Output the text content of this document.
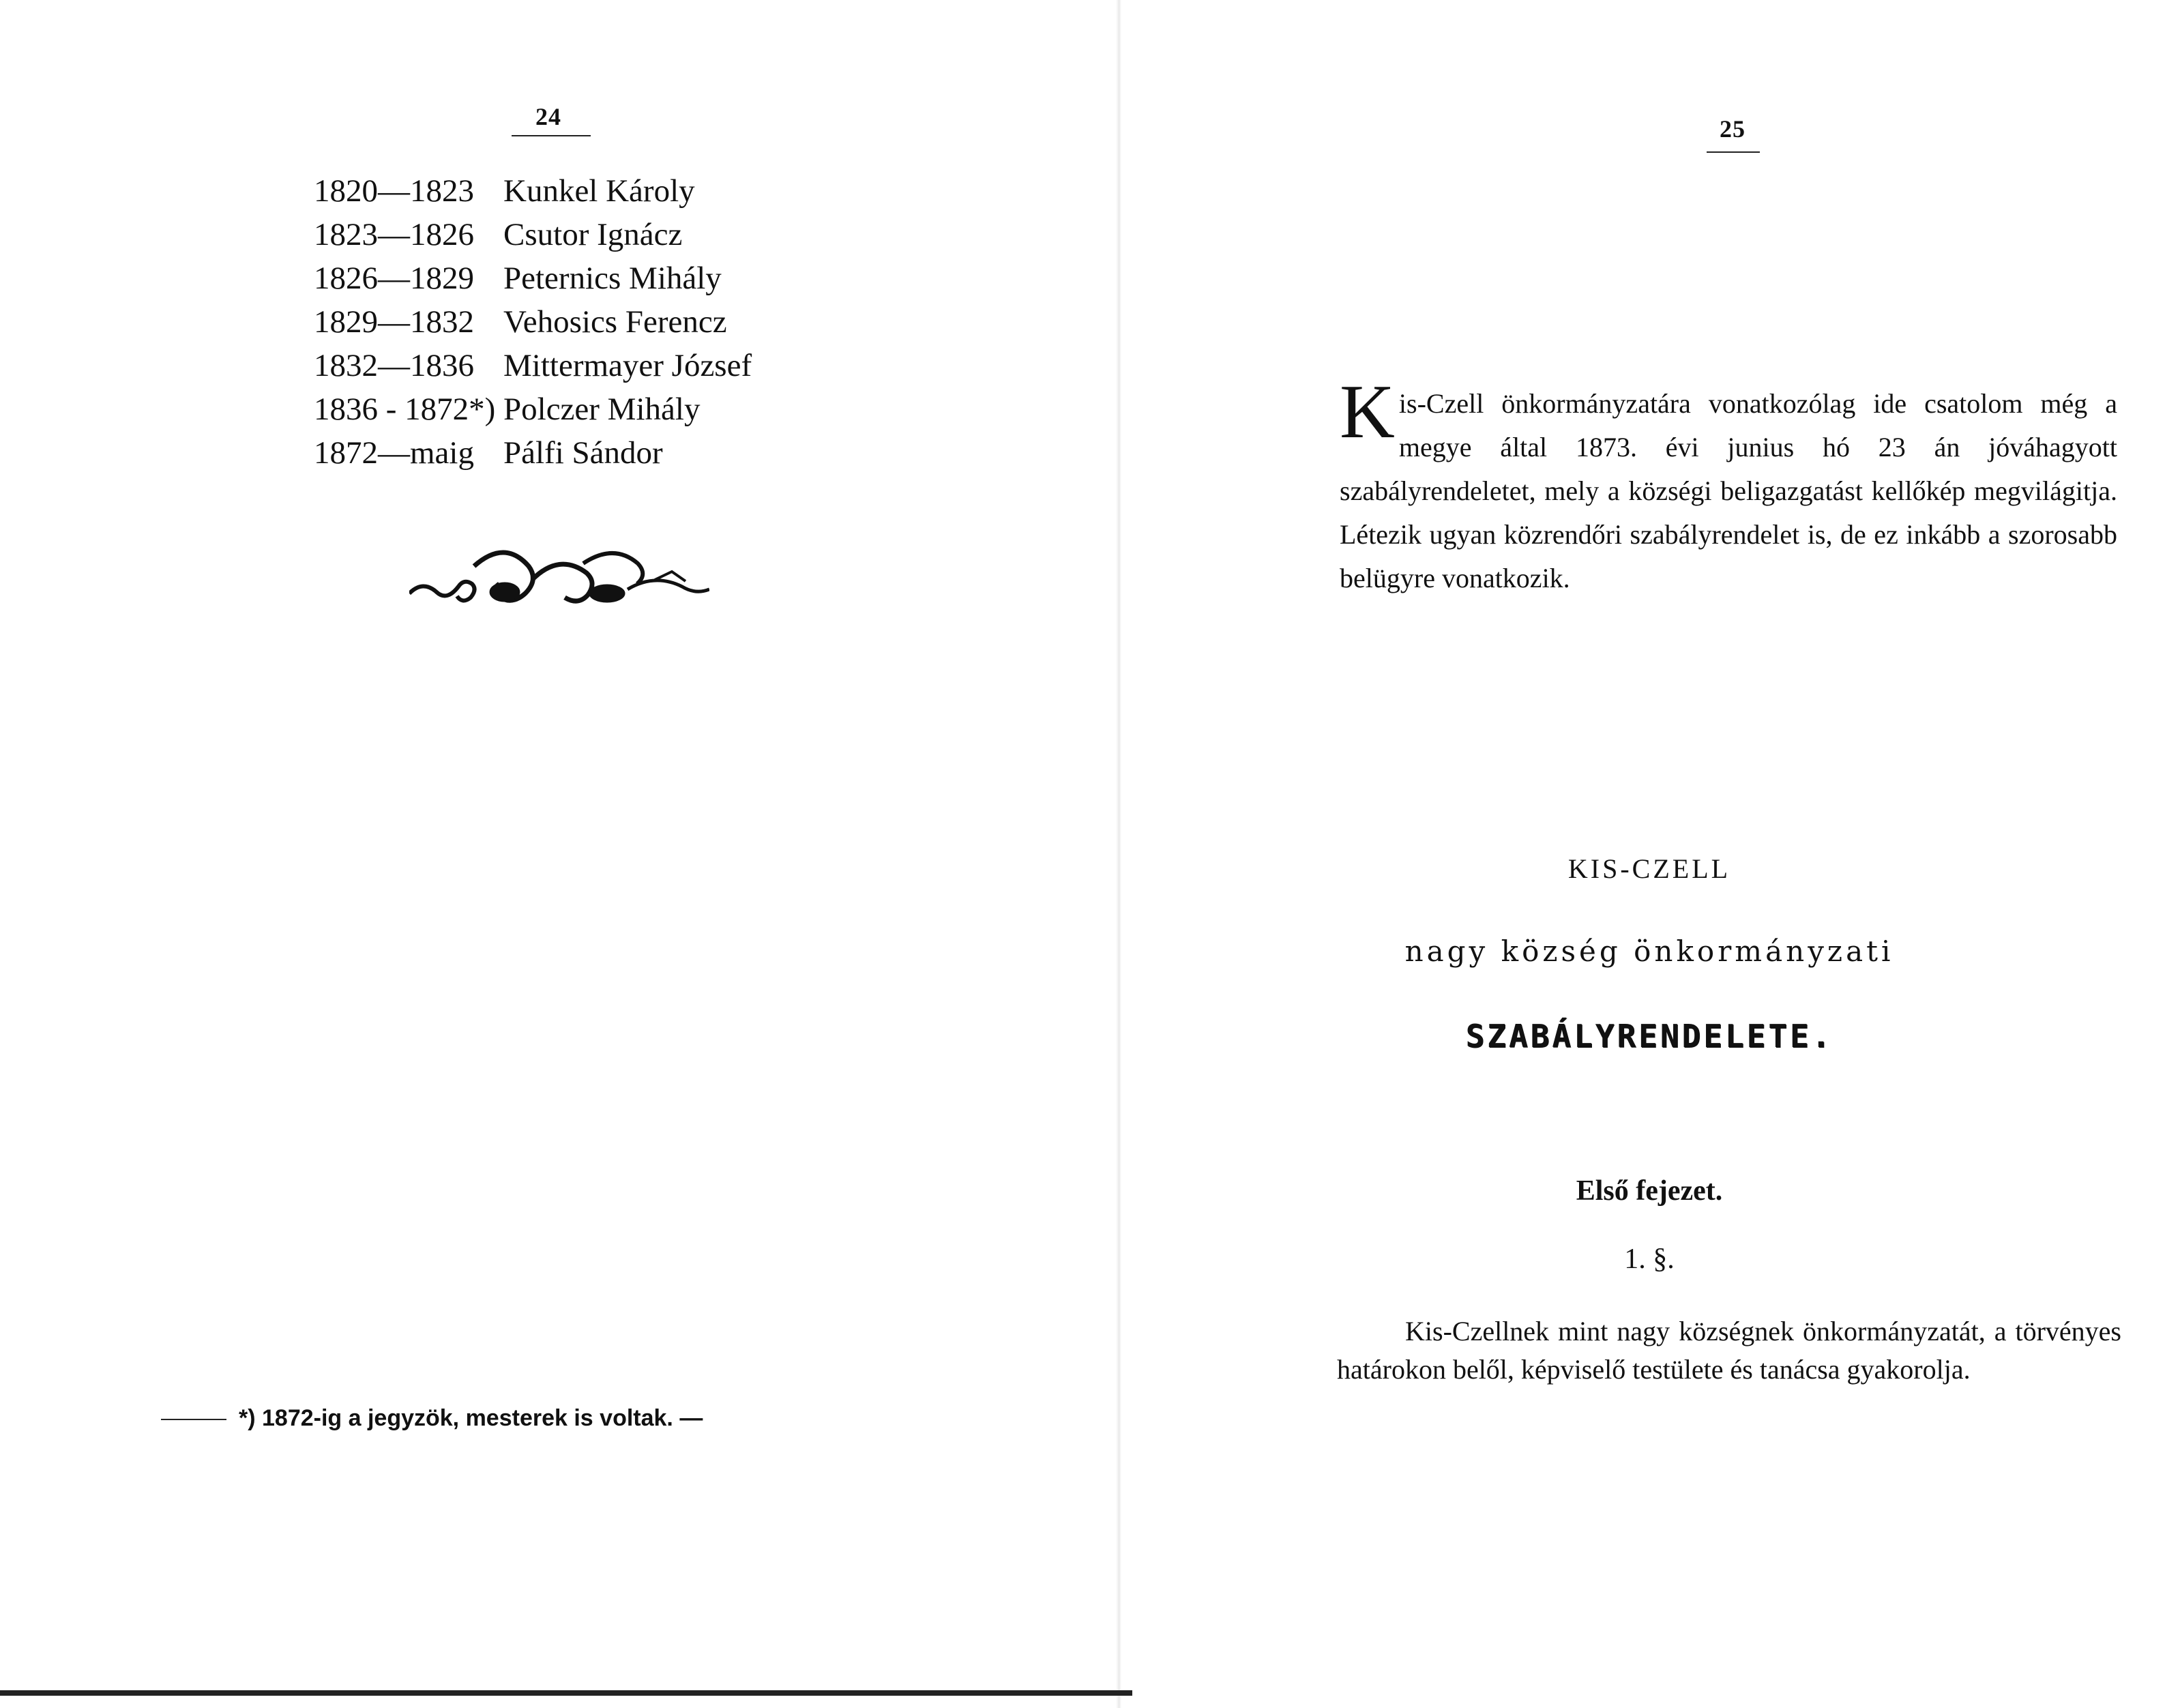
24
1820—1823 Kunkel Károly
1823—1826 Csutor Ignácz
1826—1829 Peternics Mihály
1829—1832 Vehosics Ferencz
1832—1836 Mittermayer József
1836 - 1872*) Polczer Mihály
1872—maig Pálfi Sándor
*) 1872-ig a jegyzök, mesterek is voltak. —
25
Kis-Czell önkormányzatára vonatkozólag ide csatolom még a megye által 1873. évi junius hó 23 án jóváhagyott szabályrendeletet, mely a községi beligazgatást kellőkép megvilágitja. Létezik ugyan közrendőri szabályrendelet is, de ez inkább a szorosabb belügyre vonatkozik.
KIS-CZELL
nagy község önkormányzati
SZABÁLYRENDELETE.
Első fejezet.
1. §.
Kis-Czellnek mint nagy községnek önkormányzatát, a törvényes határokon belől, képviselő testülete és tanácsa gyakorolja.
